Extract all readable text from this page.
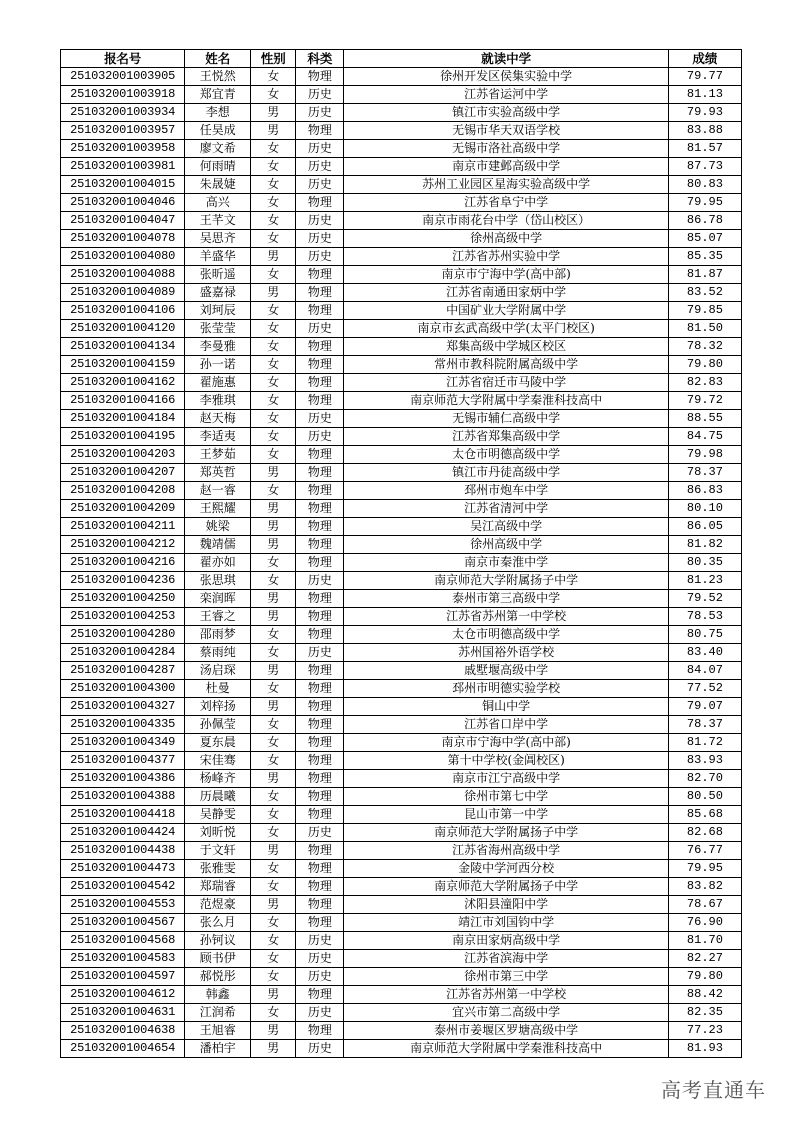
报名号	姓名	性别	科类	就读中学	成绩
251032001003905	王悦然	女	物理	徐州开发区侯集实验中学	79.77
251032001003918	郑宜青	女	历史	江苏省运河中学	81.13
251032001003934	李想	男	历史	镇江市实验高级中学	79.93
251032001003957	任昊成	男	物理	无锡市华天双语学校	83.88
251032001003958	廖文希	女	历史	无锡市洛社高级中学	81.57
251032001003981	何雨晴	女	历史	南京市建邺高级中学	87.73
251032001004015	朱晟婕	女	历史	苏州工业园区星海实验高级中学	80.83
251032001004046	高兴	女	物理	江苏省阜宁中学	79.95
251032001004047	王芊文	女	历史	南京市雨花台中学（岱山校区）	86.78
251032001004078	吴思齐	女	历史	徐州高级中学	85.07
251032001004080	羊盛华	男	历史	江苏省苏州实验中学	85.35
251032001004088	张昕遥	女	物理	南京市宁海中学(高中部)	81.87
251032001004089	盛嘉禄	男	物理	江苏省南通田家炳中学	83.52
251032001004106	刘珂辰	女	物理	中国矿业大学附属中学	79.85
251032001004120	张莹莹	女	历史	南京市玄武高级中学(太平门校区)	81.50
251032001004134	李曼雅	女	物理	郑集高级中学城区校区	78.32
251032001004159	孙一诺	女	物理	常州市教科院附属高级中学	79.80
251032001004162	翟施惠	女	物理	江苏省宿迁市马陵中学	82.83
251032001004166	李雅琪	女	物理	南京师范大学附属中学秦淮科技高中	79.72
251032001004184	赵天梅	女	历史	无锡市辅仁高级中学	88.55
251032001004195	李适夷	女	历史	江苏省郑集高级中学	84.75
251032001004203	王梦茹	女	物理	太仓市明德高级中学	79.98
251032001004207	郑英哲	男	物理	镇江市丹徒高级中学	78.37
251032001004208	赵一睿	女	物理	邳州市炮车中学	86.83
251032001004209	王熙耀	男	物理	江苏省清河中学	80.10
251032001004211	姚梁	男	物理	吴江高级中学	86.05
251032001004212	魏靖儒	男	物理	徐州高级中学	81.82
251032001004216	翟亦如	女	物理	南京市秦淮中学	80.35
251032001004236	张思琪	女	历史	南京师范大学附属扬子中学	81.23
251032001004250	栾润晖	男	物理	泰州市第三高级中学	79.52
251032001004253	王睿之	男	物理	江苏省苏州第一中学校	78.53
251032001004280	邵雨梦	女	物理	太仓市明德高级中学	80.75
251032001004284	蔡雨纯	女	历史	苏州国裕外语学校	83.40
251032001004287	汤启琛	男	物理	戚墅堰高级中学	84.07
251032001004300	杜曼	女	物理	邳州市明德实验学校	77.52
251032001004327	刘梓扬	男	物理	铜山中学	79.07
251032001004335	孙佩莹	女	物理	江苏省口岸中学	78.37
251032001004349	夏东晨	女	物理	南京市宁海中学(高中部)	81.72
251032001004377	宋佳骞	女	物理	第十中学校(金阊校区)	83.93
251032001004386	杨峰齐	男	物理	南京市江宁高级中学	82.70
251032001004388	历晨曦	女	物理	徐州市第七中学	80.50
251032001004418	吴静雯	女	物理	昆山市第一中学	85.68
251032001004424	刘昕悦	女	历史	南京师范大学附属扬子中学	82.68
251032001004438	于文轩	男	物理	江苏省海州高级中学	76.77
251032001004473	张雅雯	女	物理	金陵中学河西分校	79.95
251032001004542	郑瑞睿	女	物理	南京师范大学附属扬子中学	83.82
251032001004553	范煜豪	男	物理	沭阳县潼阳中学	78.67
251032001004567	张么月	女	物理	靖江市刘国钧中学	76.90
251032001004568	孙钶议	女	历史	南京田家炳高级中学	81.70
251032001004583	顾书伊	女	历史	江苏省滨海中学	82.27
251032001004597	郝悦彤	女	历史	徐州市第三中学	79.80
251032001004612	韩鑫	男	物理	江苏省苏州第一中学校	88.42
251032001004631	江润希	女	历史	宜兴市第二高级中学	82.35
251032001004638	王旭睿	男	物理	泰州市姜堰区罗塘高级中学	77.23
251032001004654	潘柏宇	男	历史	南京师范大学附属中学秦淮科技高中	81.93
高考直通车
